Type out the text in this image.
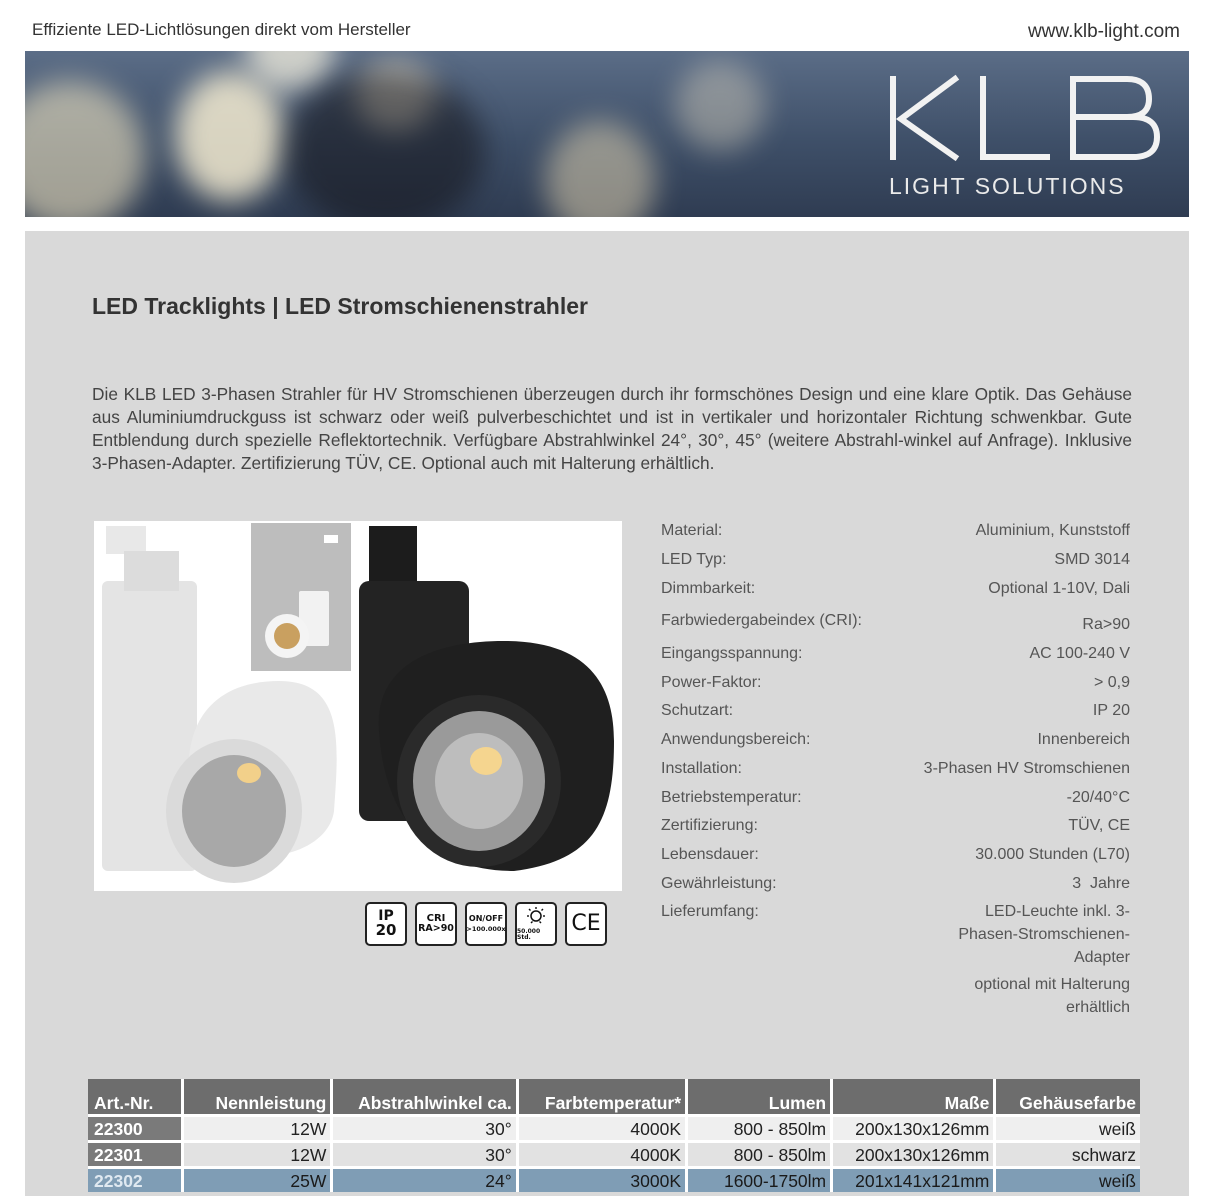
Effiziente LED-Lichtlösungen direkt vom Hersteller	www.klb-light.com
LIGHT SOLUTIONS
LED Tracklights | LED Stromschienenstrahler

Die KLB LED 3-Phasen Strahler für HV Stromschienen überzeugen durch ihr formschönes Design und eine klare Optik. Das Gehäuse aus Aluminiumdruckguss ist schwarz oder weiß pulverbeschichtet und ist in vertikaler und horizontaler Richtung schwenkbar. Gute Entblendung durch spezielle Reflektortechnik. Verfügbare Abstrahlwinkel 24°, 30°, 45° (weitere Abstrahl-winkel auf Anfrage). Inklusive 3-Phasen-Adapter. Zertifizierung TÜV, CE. Optional auch mit Halterung erhältlich.

IP
20
CRI
RA>90
ON/OFF
>100.000x 50.000 Std.
CE
Material:	Aluminium, Kunststoff
LED Typ:	SMD 3014
Dimmbarkeit:	Optional 1-10V, Dali
Farbwiedergabeindex (CRI):	Ra>90
Eingangsspannung:	AC 100-240 V
Power-Faktor:	> 0,9
Schutzart:	IP 20
Anwendungsbereich:	Innenbereich
Installation:	3-Phasen HV Stromschienen
Betriebstemperatur:	-20/40°C
Zertifizierung:	TÜV, CE
Lebensdauer:	30.000 Stunden (L70)
Gewährleistung:	3  Jahre
Lieferumfang:	LED-Leuchte inkl. 3-Phasen-Stromschienen-Adapter
optional mit Halterung erhältlich
Art.-Nr.	Nennleistung	Abstrahlwinkel ca.	Farbtemperatur*	Lumen	Maße	Gehäusefarbe
22300	12W	30°	4000K	800 - 850lm	200x130x126mm	weiß
22301	12W	30°	4000K	800 - 850lm	200x130x126mm	schwarz
22302	25W	24°	3000K	1600-1750lm	201x141x121mm	weiß
